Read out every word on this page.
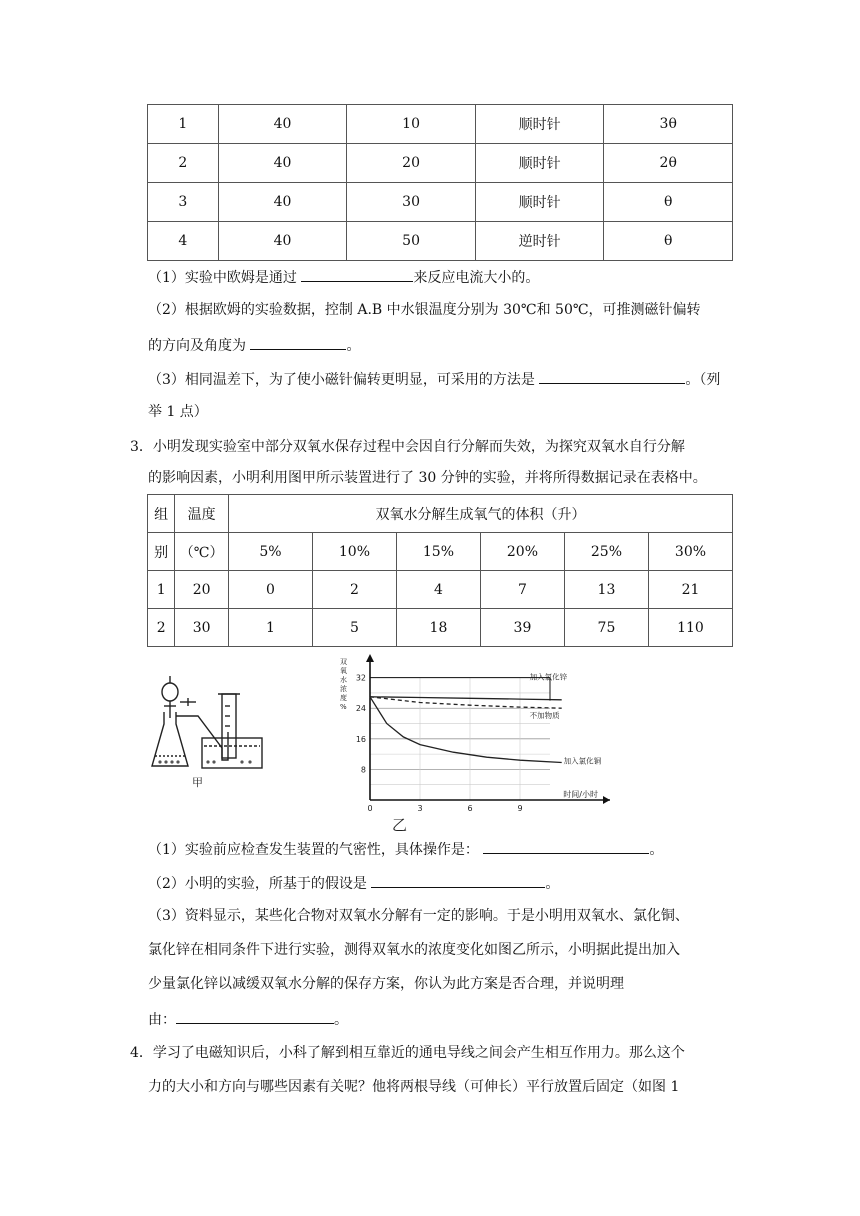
1	40	10	顺时针	3θ
2	40	20	顺时针	2θ
3	40	30	顺时针	θ
4	40	50	逆时针	θ
（1）实验中欧姆是通过	来反应电流大小的。
（2）根据欧姆的实验数据，控制 A.B 中水银温度分别为 30℃和 50℃，可推测磁针偏转
的方向及角度为	。
（3）相同温差下，为了使小磁针偏转更明显，可采用的方法是	。（列
举 1 点）
3．小明发现实验室中部分双氧水保存过程中会因自行分解而失效，为探究双氧水自行分解
的影响因素，小明利用图甲所示装置进行了 30 分钟的实验，并将所得数据记录在表格中。
组	温度	双氧水分解生成氧气的体积（升）					
别	（℃）	5%	10%	15%	20%	25%	30%
1	20	0	2	4	7	13	21
2	30	1	5	18	39	75	110
甲
8
16
24
32
0	3	6	9
双氧水浓度%
时间/小时
乙
加入氯化锌
不加物质
加入氯化铜
（1）实验前应检查发生装置的气密性，具体操作是：	。
（2）小明的实验，所基于的假设是	。
（3）资料显示，某些化合物对双氧水分解有一定的影响。于是小明用双氧水、氯化铜、
氯化锌在相同条件下进行实验，测得双氧水的浓度变化如图乙所示，小明据此提出加入
少量氯化锌以减缓双氧水分解的保存方案，你认为此方案是否合理，并说明理
由：	。
4．学习了电磁知识后，小科了解到相互靠近的通电导线之间会产生相互作用力。那么这个
力的大小和方向与哪些因素有关呢？他将两根导线（可伸长）平行放置后固定（如图 1
